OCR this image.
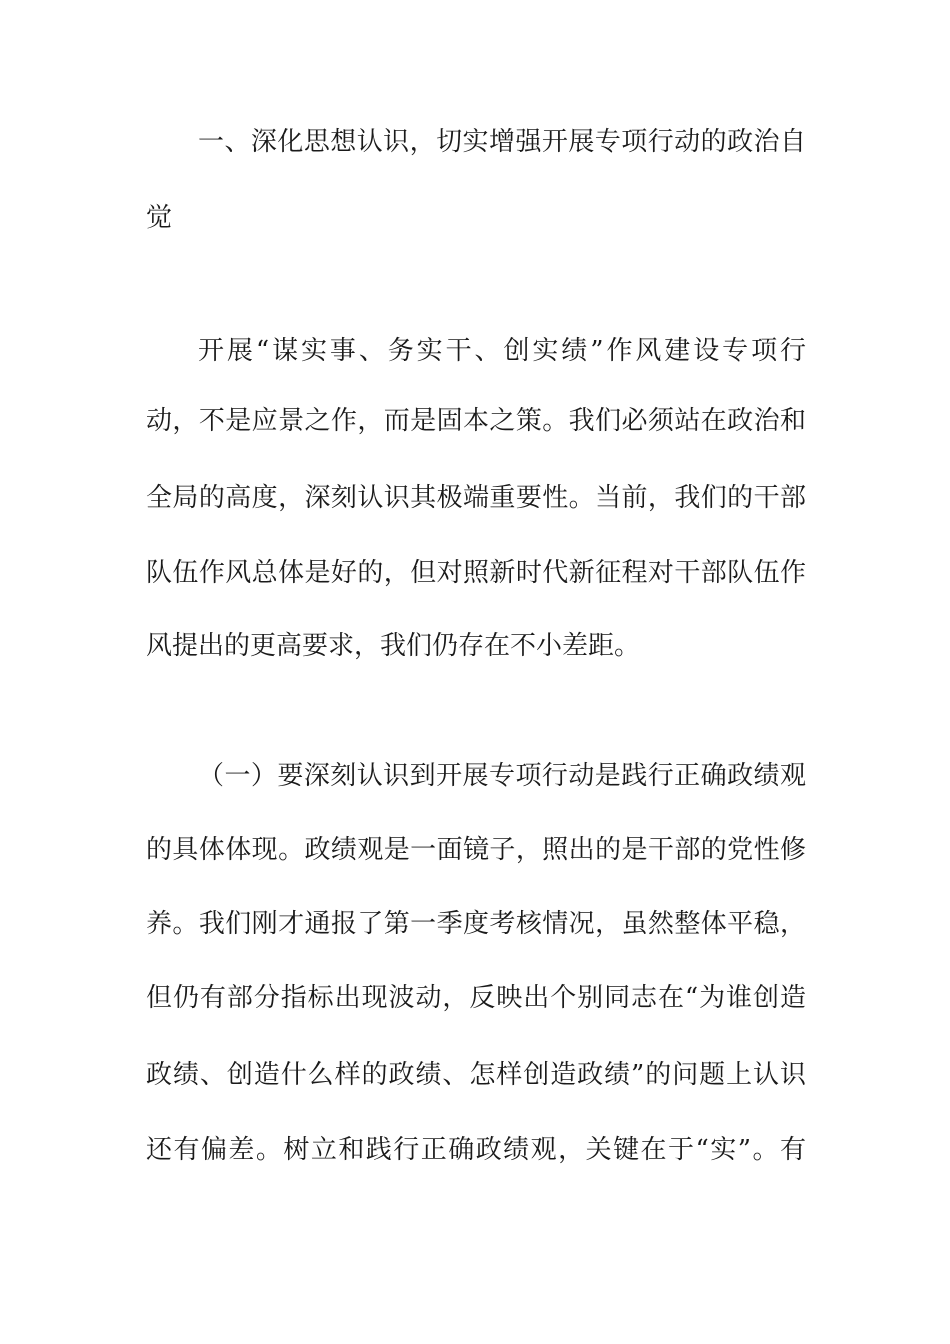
一、深化思想认识，切实增强开展专项行动的政治自
觉
开展“谋实事、务实干、创实绩”作风建设专项行
动，不是应景之作，而是固本之策。我们必须站在政治和
全局的高度，深刻认识其极端重要性。当前，我们的干部
队伍作风总体是好的，但对照新时代新征程对干部队伍作
风提出的更高要求，我们仍存在不小差距。
（一）要深刻认识到开展专项行动是践行正确政绩观
的具体体现。政绩观是一面镜子，照出的是干部的党性修
养。我们刚才通报了第一季度考核情况，虽然整体平稳，
但仍有部分指标出现波动，反映出个别同志在“为谁创造
政绩、创造什么样的政绩、怎样创造政绩”的问题上认识
还有偏差。树立和践行正确政绩观，关键在于“实”。有
